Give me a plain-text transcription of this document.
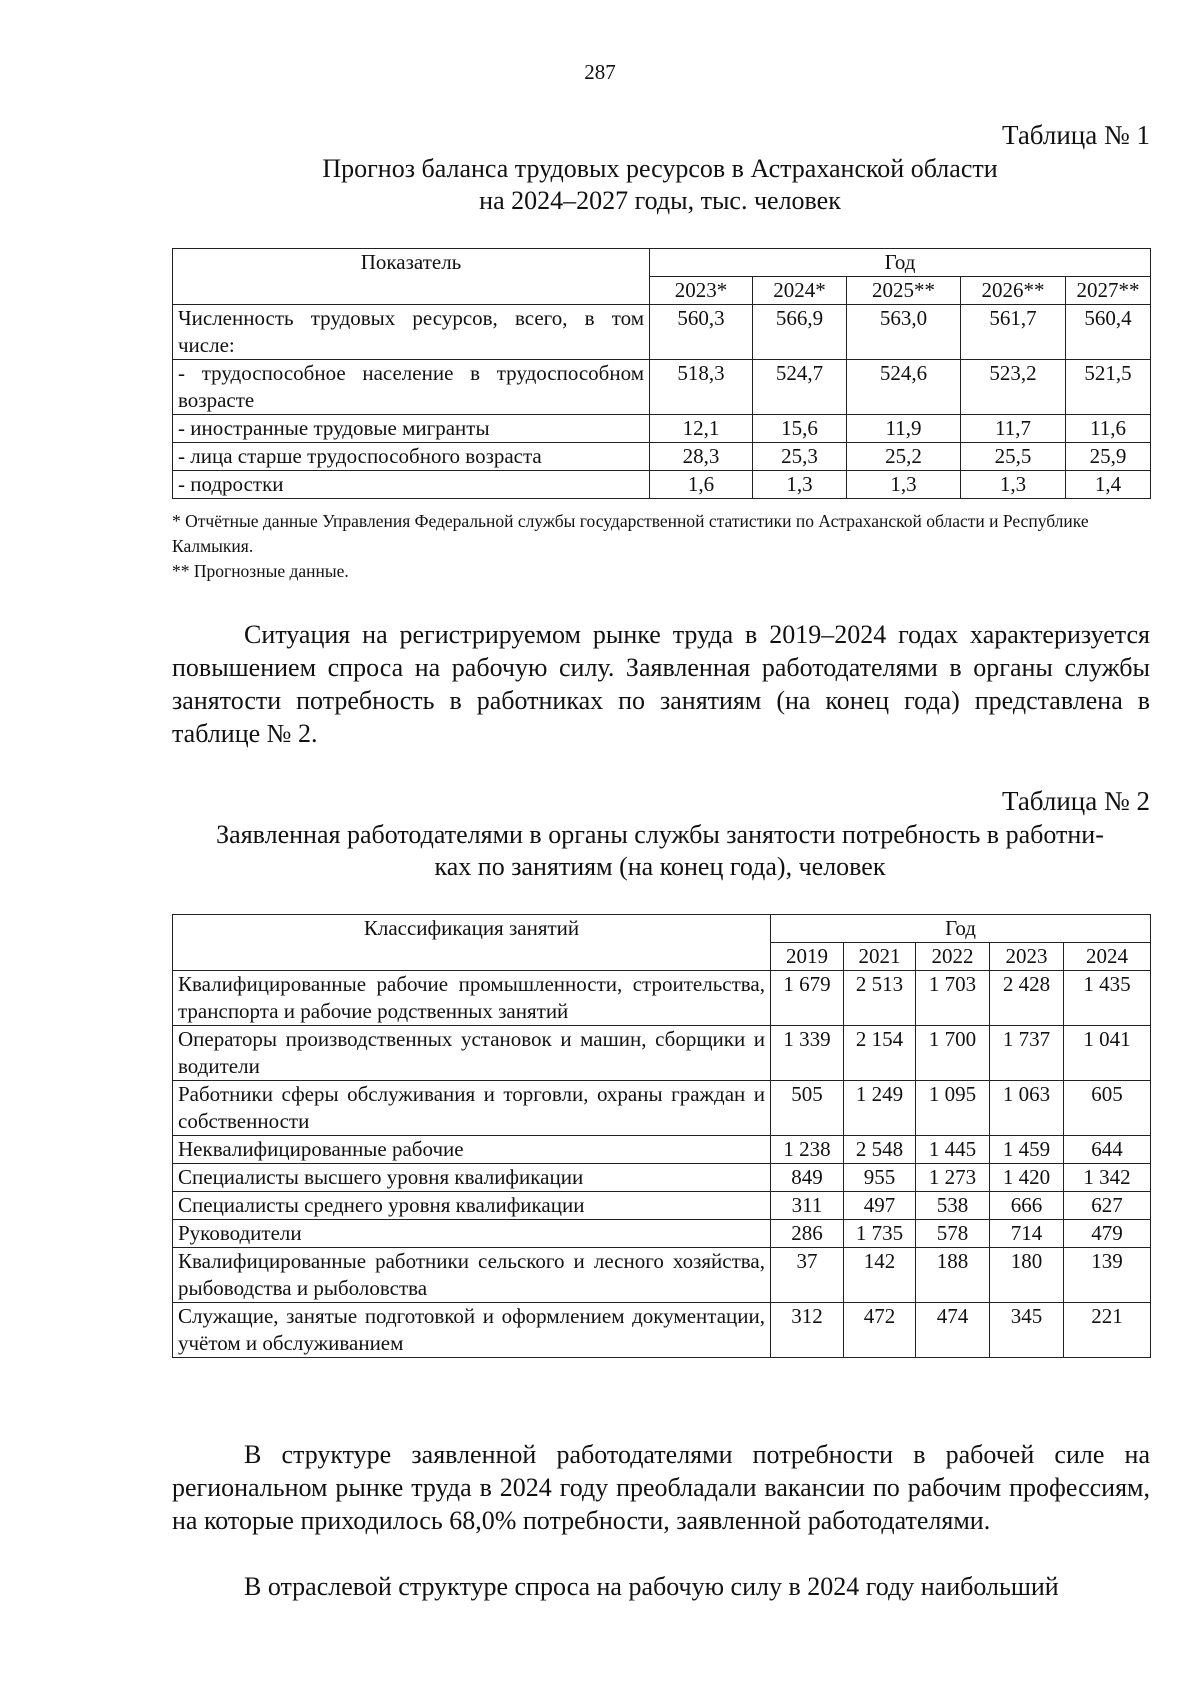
287
Таблица № 1
Прогноз баланса трудовых ресурсов в Астраханской области
на 2024–2027 годы, тыс. человек
Показатель	Год				
	2023*	2024*	2025**	2026**	2027**
Численность трудовых ресурсов, всего, в том числе:	560,3	566,9	563,0	561,7	560,4
- трудоспособное население в трудоспособном возрасте	518,3	524,7	524,6	523,2	521,5
- иностранные трудовые мигранты	12,1	15,6	11,9	11,7	11,6
- лица старше трудоспособного возраста	28,3	25,3	25,2	25,5	25,9
- подростки	1,6	1,3	1,3	1,3	1,4
* Отчётные данные Управления Федеральной службы государственной статистики по Астраханской области и Республике Калмыкия.
** Прогнозные данные.

Ситуация на регистрируемом рынке труда в 2019–2024 годах характеризуется повышением спроса на рабочую силу. Заявленная работодателями в органы службы занятости потребность в работниках по занятиям (на конец года) представлена в таблице № 2.

Таблица № 2
Заявленная работодателями в органы службы занятости потребность в работни-
ках по занятиям (на конец года), человек
Классификация занятий	Год				
	2019	2021	2022	2023	2024
Квалифицированные рабочие промышленности, строительства, транспорта и рабочие родственных занятий	1 679	2 513	1 703	2 428	1 435
Операторы производственных установок и машин, сборщики и водители	1 339	2 154	1 700	1 737	1 041
Работники сферы обслуживания и торговли, охраны граждан и собственности	505	1 249	1 095	1 063	605
Неквалифицированные рабочие	1 238	2 548	1 445	1 459	644
Специалисты высшего уровня квалификации	849	955	1 273	1 420	1 342
Специалисты среднего уровня квалификации	311	497	538	666	627
Руководители	286	1 735	578	714	479
Квалифицированные работники сельского и лесного хозяйства, рыбоводства и рыболовства	37	142	188	180	139
Служащие, занятые подготовкой и оформлением документации, учётом и обслуживанием	312	472	474	345	221

В структуре заявленной работодателями потребности в рабочей силе на региональном рынке труда в 2024 году преобладали вакансии по рабочим профессиям, на которые приходилось 68,0% потребности, заявленной работодателями.

В отраслевой структуре спроса на рабочую силу в 2024 году наибольший
